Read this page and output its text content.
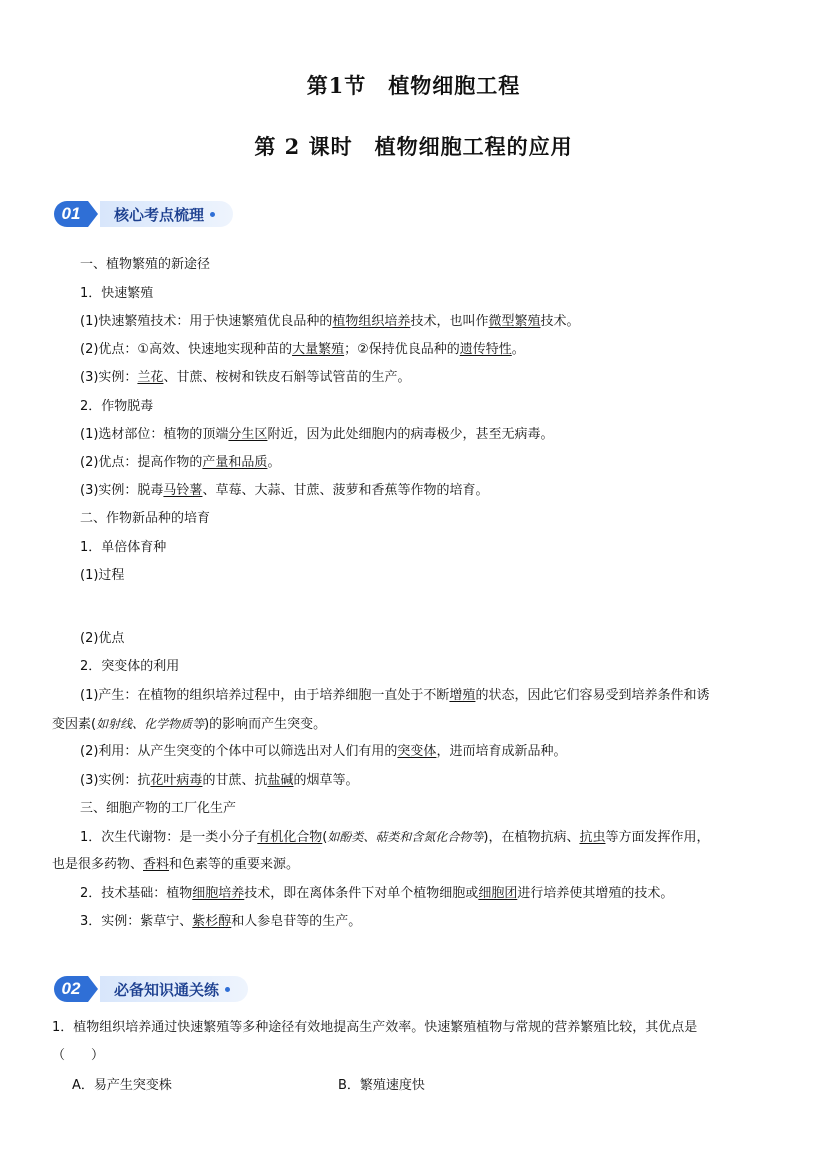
第1节　植物细胞工程
第 2 课时　植物细胞工程的应用
01	核心考点梳理
一、植物繁殖的新途径
1．快速繁殖
(1)快速繁殖技术：用于快速繁殖优良品种的植物组织培养技术，也叫作微型繁殖技术。
(2)优点：①高效、快速地实现种苗的大量繁殖；②保持优良品种的遗传特性。
(3)实例：兰花、甘蔗、桉树和铁皮石斛等试管苗的生产。
2．作物脱毒
(1)选材部位：植物的顶端分生区附近，因为此处细胞内的病毒极少，甚至无病毒。
(2)优点：提高作物的产量和品质。
(3)实例：脱毒马铃薯、草莓、大蒜、甘蔗、菠萝和香蕉等作物的培育。
二、作物新品种的培育
1．单倍体育种
(1)过程
(2)优点
2．突变体的利用
(1)产生：在植物的组织培养过程中，由于培养细胞一直处于不断增殖的状态，因此它们容易受到培养条件和诱
变因素(如射线、化学物质等)的影响而产生突变。
(2)利用：从产生突变的个体中可以筛选出对人们有用的突变体，进而培育成新品种。
(3)实例：抗花叶病毒的甘蔗、抗盐碱的烟草等。
三、细胞产物的工厂化生产
1．次生代谢物：是一类小分子有机化合物(如酚类、萜类和含氮化合物等)，在植物抗病、抗虫等方面发挥作用，
也是很多药物、香料和色素等的重要来源。
2．技术基础：植物细胞培养技术，即在离体条件下对单个植物细胞或细胞团进行培养使其增殖的技术。
3．实例：紫草宁、紫杉醇和人参皂苷等的生产。
02	必备知识通关练
1．植物组织培养通过快速繁殖等多种途径有效地提高生产效率。快速繁殖植物与常规的营养繁殖比较，其优点是
（　　）
A．易产生突变株	B．繁殖速度快
